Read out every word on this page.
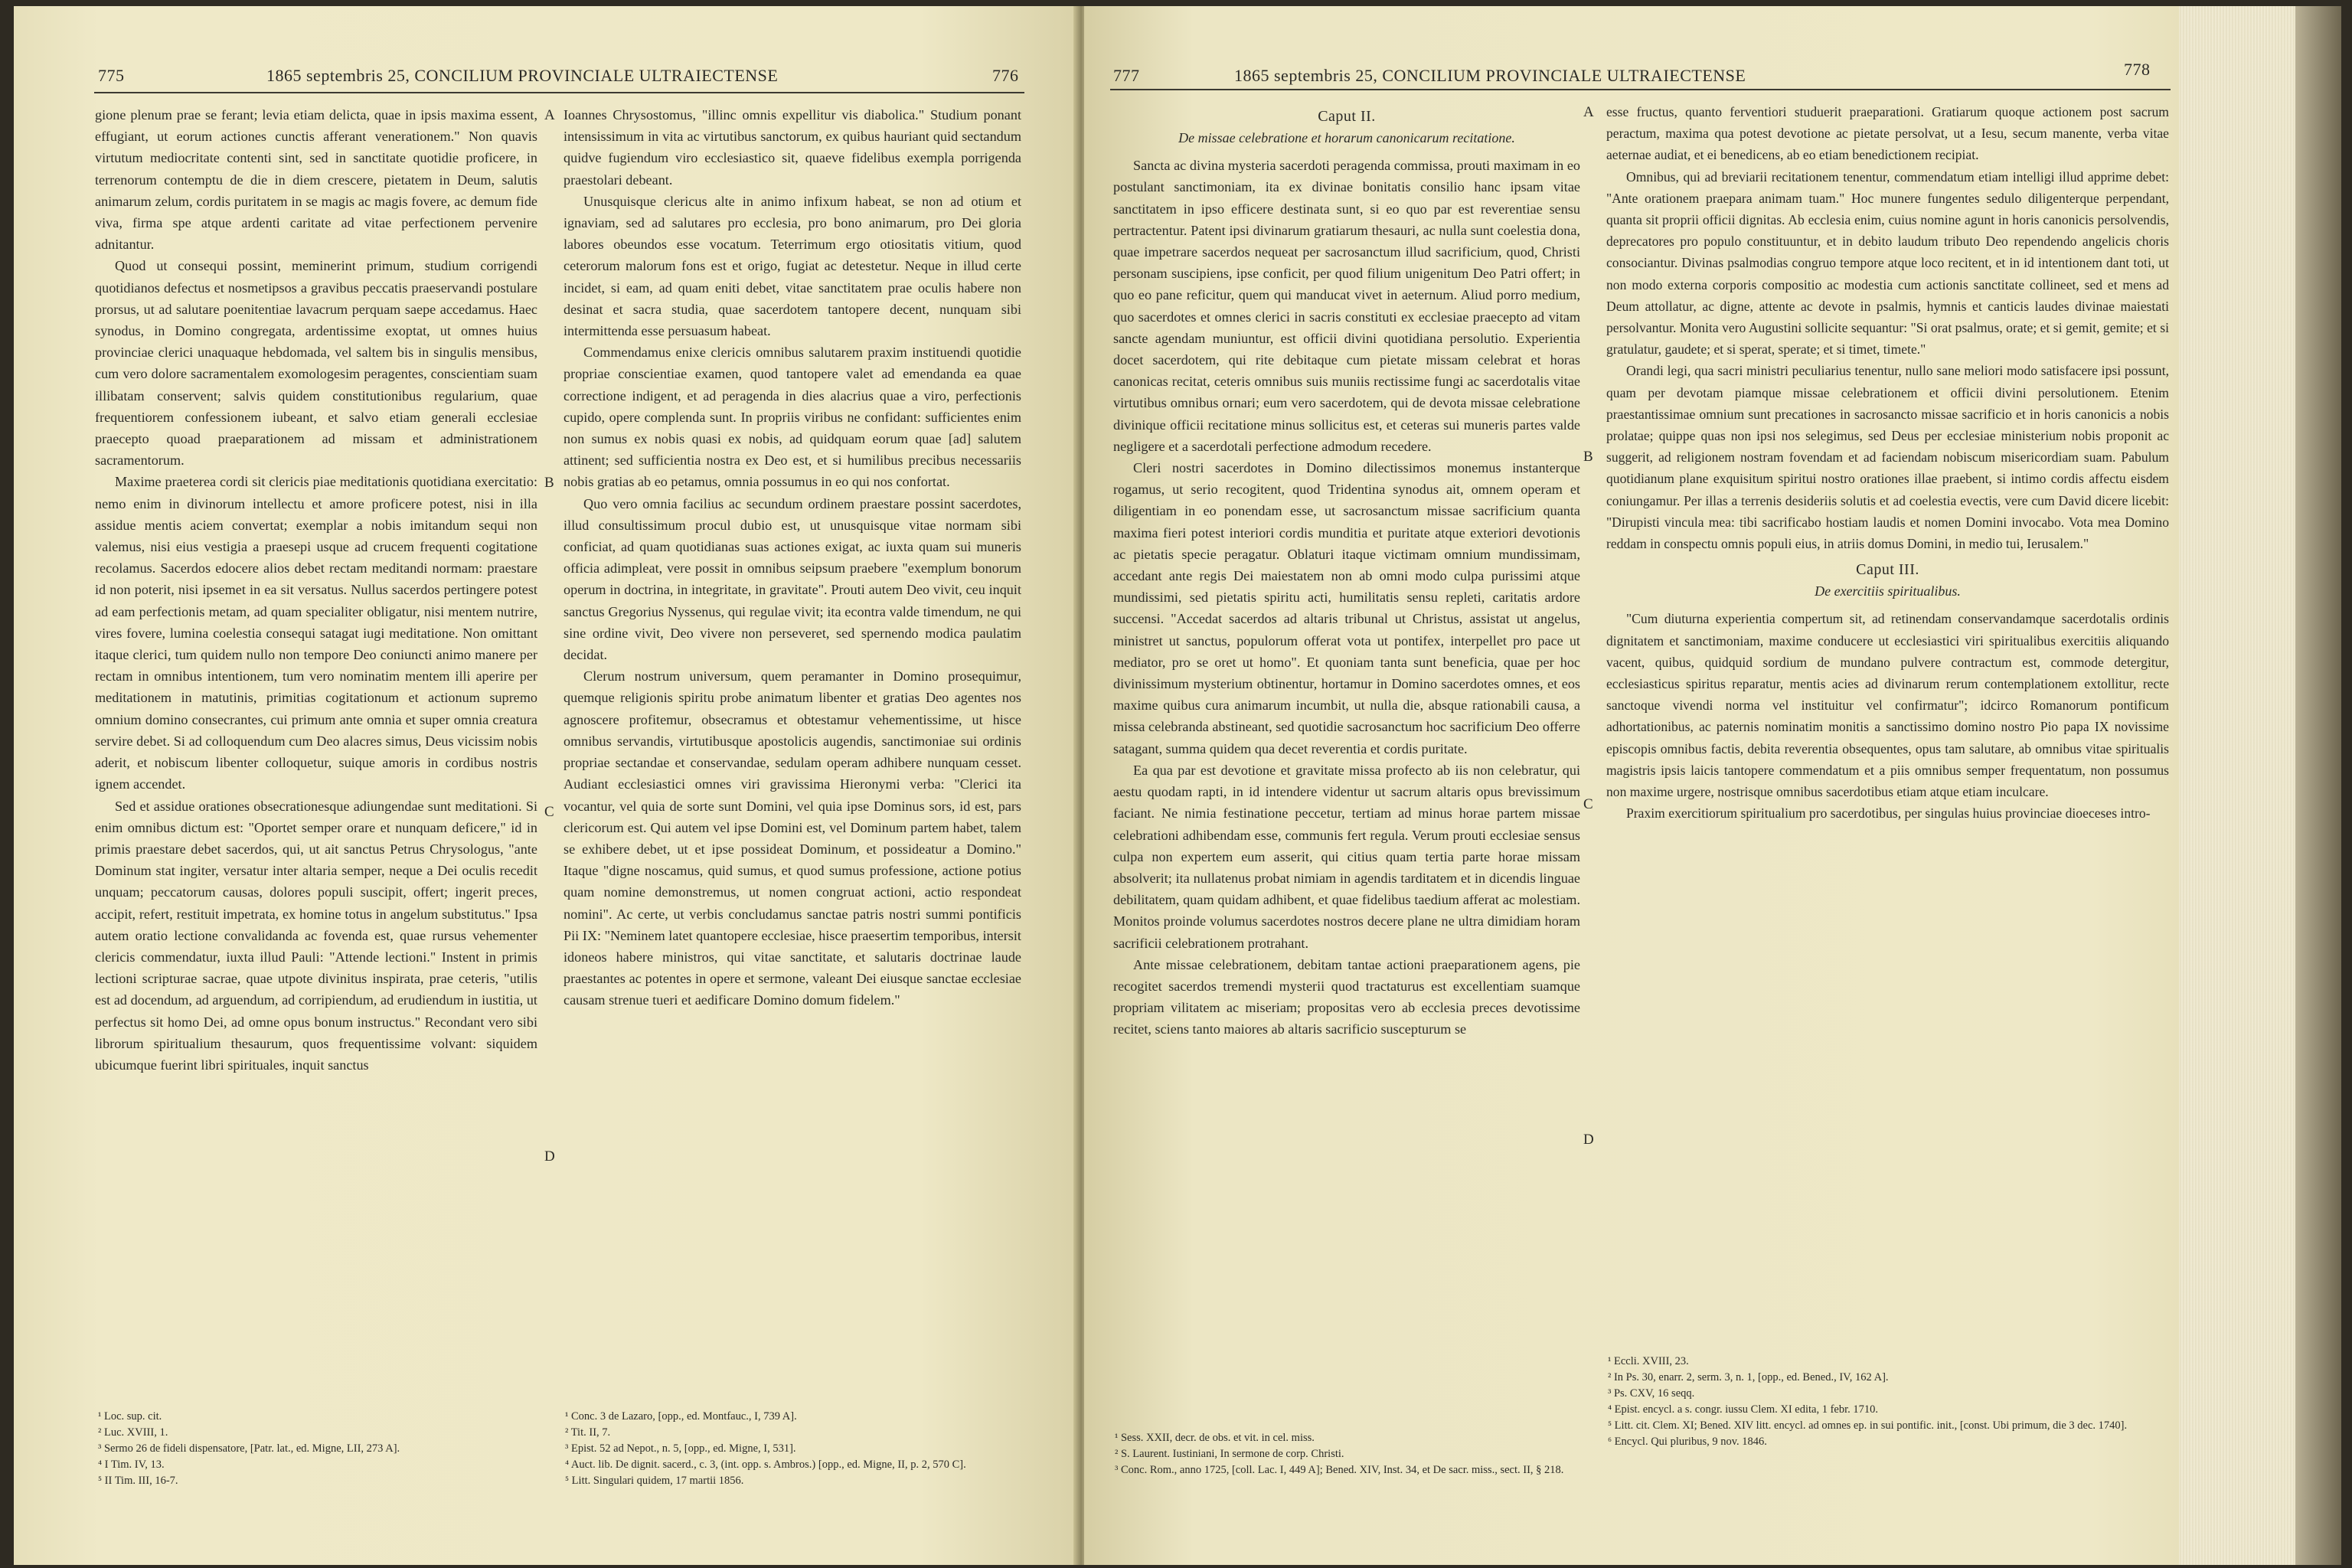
775	1865 septembris 25, CONCILIUM PROVINCIALE ULTRAIECTENSE	776

gione plenum prae se ferant; levia etiam delicta, quae in ipsis maxima essent, effugiant, ut eorum actiones cunctis afferant venerationem." Non quavis virtutum mediocritate contenti sint, sed in sanctitate quotidie proficere, in terrenorum contemptu de die in diem crescere, pietatem in Deum, salutis animarum zelum, cordis puritatem in se magis ac magis fovere, ac demum fide viva, firma spe atque ardenti caritate ad vitae perfectionem pervenire adnitantur.

Quod ut consequi possint, meminerint primum, studium corrigendi quotidianos defectus et nosmetipsos a gravibus peccatis praeservandi postulare prorsus, ut ad salutare poenitentiae lavacrum perquam saepe accedamus. Haec synodus, in Domino congregata, ardentissime exoptat, ut omnes huius provinciae clerici unaquaque hebdomada, vel saltem bis in singulis mensibus, cum vero dolore sacramentalem exomologesim peragentes, conscientiam suam illibatam conservent; salvis quidem constitutionibus regularium, quae frequentiorem confessionem iubeant, et salvo etiam generali ecclesiae praecepto quoad praeparationem ad missam et administrationem sacramentorum.

Maxime praeterea cordi sit clericis piae meditationis quotidiana exercitatio: nemo enim in divinorum intellectu et amore proficere potest, nisi in illa assidue mentis aciem convertat; exemplar a nobis imitandum sequi non valemus, nisi eius vestigia a praesepi usque ad crucem frequenti cogitatione recolamus. Sacerdos edocere alios debet rectam meditandi normam: praestare id non poterit, nisi ipsemet in ea sit versatus. Nullus sacerdos pertingere potest ad eam perfectionis metam, ad quam specialiter obligatur, nisi mentem nutrire, vires fovere, lumina coelestia consequi satagat iugi meditatione. Non omittant itaque clerici, tum quidem nullo non tempore Deo coniuncti animo manere per rectam in omnibus intentionem, tum vero nominatim mentem illi aperire per meditationem in matutinis, primitias cogitationum et actionum supremo omnium domino consecrantes, cui primum ante omnia et super omnia creatura servire debet. Si ad colloquendum cum Deo alacres simus, Deus vicissim nobis aderit, et nobiscum libenter colloquetur, suique amoris in cordibus nostris ignem accendet.

Sed et assidue orationes obsecrationesque adiungendae sunt meditationi. Si enim omnibus dictum est: "Oportet semper orare et nunquam deficere," id in primis praestare debet sacerdos, qui, ut ait sanctus Petrus Chrysologus, "ante Dominum stat ingiter, versatur inter altaria semper, neque a Dei oculis recedit unquam; peccatorum causas, dolores populi suscipit, offert; ingerit preces, accipit, refert, restituit impetrata, ex homine totus in angelum substitutus." Ipsa autem oratio lectione convalidanda ac fovenda est, quae rursus vehementer clericis commendatur, iuxta illud Pauli: "Attende lectioni." Instent in primis lectioni scripturae sacrae, quae utpote divinitus inspirata, prae ceteris, "utilis est ad docendum, ad arguendum, ad corripiendum, ad erudiendum in iustitia, ut perfectus sit homo Dei, ad omne opus bonum instructus." Recondant vero sibi librorum spiritualium thesaurum, quos frequentissime volvant: siquidem ubicumque fuerint libri spirituales, inquit sanctus

Ioannes Chrysostomus, "illinc omnis expellitur vis diabolica." Studium ponant intensissimum in vita ac virtutibus sanctorum, ex quibus hauriant quid sectandum quidve fugiendum viro ecclesiastico sit, quaeve fidelibus exempla porrigenda praestolari debeant.

Unusquisque clericus alte in animo infixum habeat, se non ad otium et ignaviam, sed ad salutares pro ecclesia, pro bono animarum, pro Dei gloria labores obeundos esse vocatum. Teterrimum ergo otiositatis vitium, quod ceterorum malorum fons est et origo, fugiat ac detestetur. Neque in illud certe incidet, si eam, ad quam eniti debet, vitae sanctitatem prae oculis habere non desinat et sacra studia, quae sacerdotem tantopere decent, nunquam sibi intermittenda esse persuasum habeat.

Commendamus enixe clericis omnibus salutarem praxim instituendi quotidie propriae conscientiae examen, quod tantopere valet ad emendanda ea quae correctione indigent, et ad peragenda in dies alacrius quae a viro, perfectionis cupido, opere complenda sunt. In propriis viribus ne confidant: sufficientes enim non sumus ex nobis quasi ex nobis, ad quidquam eorum quae [ad] salutem attinent; sed sufficientia nostra ex Deo est, et si humilibus precibus necessariis nobis gratias ab eo petamus, omnia possumus in eo qui nos confortat.

Quo vero omnia facilius ac secundum ordinem praestare possint sacerdotes, illud consultissimum procul dubio est, ut unusquisque vitae normam sibi conficiat, ad quam quotidianas suas actiones exigat, ac iuxta quam sui muneris officia adimpleat, vere possit in omnibus seipsum praebere "exemplum bonorum operum in doctrina, in integritate, in gravitate". Prouti autem Deo vivit, ceu inquit sanctus Gregorius Nyssenus, qui regulae vivit; ita econtra valde timendum, ne qui sine ordine vivit, Deo vivere non perseveret, sed spernendo modica paulatim decidat.

Clerum nostrum universum, quem peramanter in Domino prosequimur, quemque religionis spiritu probe animatum libenter et gratias Deo agentes nos agnoscere profitemur, obsecramus et obtestamur vehementissime, ut hisce omnibus servandis, virtutibusque apostolicis augendis, sanctimoniae sui ordinis propriae sectandae et conservandae, sedulam operam adhibere nunquam cesset. Audiant ecclesiastici omnes viri gravissima Hieronymi verba: "Clerici ita vocantur, vel quia de sorte sunt Domini, vel quia ipse Dominus sors, id est, pars clericorum est. Qui autem vel ipse Domini est, vel Dominum partem habet, talem se exhibere debet, ut et ipse possideat Dominum, et possideatur a Domino." Itaque "digne noscamus, quid sumus, et quod sumus professione, actione potius quam nomine demonstremus, ut nomen congruat actioni, actio respondeat nomini". Ac certe, ut verbis concludamus sanctae patris nostri summi pontificis Pii IX: "Neminem latet quantopere ecclesiae, hisce praesertim temporibus, intersit idoneos habere ministros, qui vitae sanctitate, et salutaris doctrinae laude praestantes ac potentes in opere et sermone, valeant Dei eiusque sanctae ecclesiae causam strenue tueri et aedificare Domino domum fidelem."

A
B
C
D
¹ Loc. sup. cit.
² Luc. XVIII, 1.
³ Sermo 26 de fideli dispensatore, [Patr. lat., ed. Migne, LII, 273 A].
⁴ I Tim. IV, 13.
⁵ II Tim. III, 16-7.
¹ Conc. 3 de Lazaro, [opp., ed. Montfauc., I, 739 A].
² Tit. II, 7.
³ Epist. 52 ad Nepot., n. 5, [opp., ed. Migne, I, 531].
⁴ Auct. lib. De dignit. sacerd., c. 3, (int. opp. s. Ambros.) [opp., ed. Migne, II, p. 2, 570 C].
⁵ Litt. Singulari quidem, 17 martii 1856.
777	1865 septembris 25, CONCILIUM PROVINCIALE ULTRAIECTENSE	778
Caput II.
De missae celebratione et horarum canonicarum recitatione.

Sancta ac divina mysteria sacerdoti peragenda commissa, prouti maximam in eo postulant sanctimoniam, ita ex divinae bonitatis consilio hanc ipsam vitae sanctitatem in ipso efficere destinata sunt, si eo quo par est reverentiae sensu pertractentur. Patent ipsi divinarum gratiarum thesauri, ac nulla sunt coelestia dona, quae impetrare sacerdos nequeat per sacrosanctum illud sacrificium, quod, Christi personam suscipiens, ipse conficit, per quod filium unigenitum Deo Patri offert; in quo eo pane reficitur, quem qui manducat vivet in aeternum. Aliud porro medium, quo sacerdotes et omnes clerici in sacris constituti ex ecclesiae praecepto ad vitam sancte agendam muniuntur, est officii divini quotidiana persolutio. Experientia docet sacerdotem, qui rite debitaque cum pietate missam celebrat et horas canonicas recitat, ceteris omnibus suis muniis rectissime fungi ac sacerdotalis vitae virtutibus omnibus ornari; eum vero sacerdotem, qui de devota missae celebratione divinique officii recitatione minus sollicitus est, et ceteras sui muneris partes valde negligere et a sacerdotali perfectione admodum recedere.

Cleri nostri sacerdotes in Domino dilectissimos monemus instanterque rogamus, ut serio recogitent, quod Tridentina synodus ait, omnem operam et diligentiam in eo ponendam esse, ut sacrosanctum missae sacrificium quanta maxima fieri potest interiori cordis munditia et puritate atque exteriori devotionis ac pietatis specie peragatur. Oblaturi itaque victimam omnium mundissimam, accedant ante regis Dei maiestatem non ab omni modo culpa purissimi atque mundissimi, sed pietatis spiritu acti, humilitatis sensu repleti, caritatis ardore succensi. "Accedat sacerdos ad altaris tribunal ut Christus, assistat ut angelus, ministret ut sanctus, populorum offerat vota ut pontifex, interpellet pro pace ut mediator, pro se oret ut homo". Et quoniam tanta sunt beneficia, quae per hoc divinissimum mysterium obtinentur, hortamur in Domino sacerdotes omnes, et eos maxime quibus cura animarum incumbit, ut nulla die, absque rationabili causa, a missa celebranda abstineant, sed quotidie sacrosanctum hoc sacrificium Deo offerre satagant, summa quidem qua decet reverentia et cordis puritate.

Ea qua par est devotione et gravitate missa profecto ab iis non celebratur, qui aestu quodam rapti, in id intendere videntur ut sacrum altaris opus brevissimum faciant. Ne nimia festinatione peccetur, tertiam ad minus horae partem missae celebrationi adhibendam esse, communis fert regula. Verum prouti ecclesiae sensus culpa non expertem eum asserit, qui citius quam tertia parte horae missam absolverit; ita nullatenus probat nimiam in agendis tarditatem et in dicendis linguae debilitatem, quam quidam adhibent, et quae fidelibus taedium afferat ac molestiam. Monitos proinde volumus sacerdotes nostros decere plane ne ultra dimidiam horam sacrificii celebrationem protrahant.

Ante missae celebrationem, debitam tantae actioni praeparationem agens, pie recogitet sacerdos tremendi mysterii quod tractaturus est excellentiam suamque propriam vilitatem ac miseriam; propositas vero ab ecclesia preces devotissime recitet, sciens tanto maiores ab altaris sacrificio suscepturum se

esse fructus, quanto ferventiori studuerit praeparationi. Gratiarum quoque actionem post sacrum peractum, maxima qua potest devotione ac pietate persolvat, ut a Iesu, secum manente, verba vitae aeternae audiat, et ei benedicens, ab eo etiam benedictionem recipiat.

Omnibus, qui ad breviarii recitationem tenentur, commendatum etiam intelligi illud apprime debet: "Ante orationem praepara animam tuam." Hoc munere fungentes sedulo diligenterque perpendant, quanta sit proprii officii dignitas. Ab ecclesia enim, cuius nomine agunt in horis canonicis persolvendis, deprecatores pro populo constituuntur, et in debito laudum tributo Deo rependendo angelicis choris consociantur. Divinas psalmodias congruo tempore atque loco recitent, et in id intentionem dant toti, ut non modo externa corporis compositio ac modestia cum actionis sanctitate collineet, sed et mens ad Deum attollatur, ac digne, attente ac devote in psalmis, hymnis et canticis laudes divinae maiestati persolvantur. Monita vero Augustini sollicite sequantur: "Si orat psalmus, orate; et si gemit, gemite; et si gratulatur, gaudete; et si sperat, sperate; et si timet, timete."

Orandi legi, qua sacri ministri peculiarius tenentur, nullo sane meliori modo satisfacere ipsi possunt, quam per devotam piamque missae celebrationem et officii divini persolutionem. Etenim praestantissimae omnium sunt precationes in sacrosancto missae sacrificio et in horis canonicis a nobis prolatae; quippe quas non ipsi nos selegimus, sed Deus per ecclesiae ministerium nobis proponit ac suggerit, ad religionem nostram fovendam et ad faciendam nobiscum misericordiam suam. Pabulum quotidianum plane exquisitum spiritui nostro orationes illae praebent, si intimo cordis affectu eisdem coniungamur. Per illas a terrenis desideriis solutis et ad coelestia evectis, vere cum David dicere licebit: "Dirupisti vincula mea: tibi sacrificabo hostiam laudis et nomen Domini invocabo. Vota mea Domino reddam in conspectu omnis populi eius, in atriis domus Domini, in medio tui, Ierusalem."

Caput III.
De exercitiis spiritualibus.

"Cum diuturna experientia compertum sit, ad retinendam conservandamque sacerdotalis ordinis dignitatem et sanctimoniam, maxime conducere ut ecclesiastici viri spiritualibus exercitiis aliquando vacent, quibus, quidquid sordium de mundano pulvere contractum est, commode detergitur, ecclesiasticus spiritus reparatur, mentis acies ad divinarum rerum contemplationem extollitur, recte sanctoque vivendi norma vel instituitur vel confirmatur"; idcirco Romanorum pontificum adhortationibus, ac paternis nominatim monitis a sanctissimo domino nostro Pio papa IX novissime episcopis omnibus factis, debita reverentia obsequentes, opus tam salutare, ab omnibus vitae spiritualis magistris ipsis laicis tantopere commendatum et a piis omnibus semper frequentatum, non possumus non maxime urgere, nostrisque omnibus sacerdotibus etiam atque etiam inculcare.

Praxim exercitiorum spiritualium pro sacerdotibus, per singulas huius provinciae dioeceses intro-

A
B
C
D
¹ Sess. XXII, decr. de obs. et vit. in cel. miss.
² S. Laurent. Iustiniani, In sermone de corp. Christi.
³ Conc. Rom., anno 1725, [coll. Lac. I, 449 A]; Bened. XIV, Inst. 34, et De sacr. miss., sect. II, § 218.
¹ Eccli. XVIII, 23.
² In Ps. 30, enarr. 2, serm. 3, n. 1, [opp., ed. Bened., IV, 162 A].
³ Ps. CXV, 16 seqq.
⁴ Epist. encycl. a s. congr. iussu Clem. XI edita, 1 febr. 1710.
⁵ Litt. cit. Clem. XI; Bened. XIV litt. encycl. ad omnes ep. in sui pontific. init., [const. Ubi primum, die 3 dec. 1740].
⁶ Encycl. Qui pluribus, 9 nov. 1846.
